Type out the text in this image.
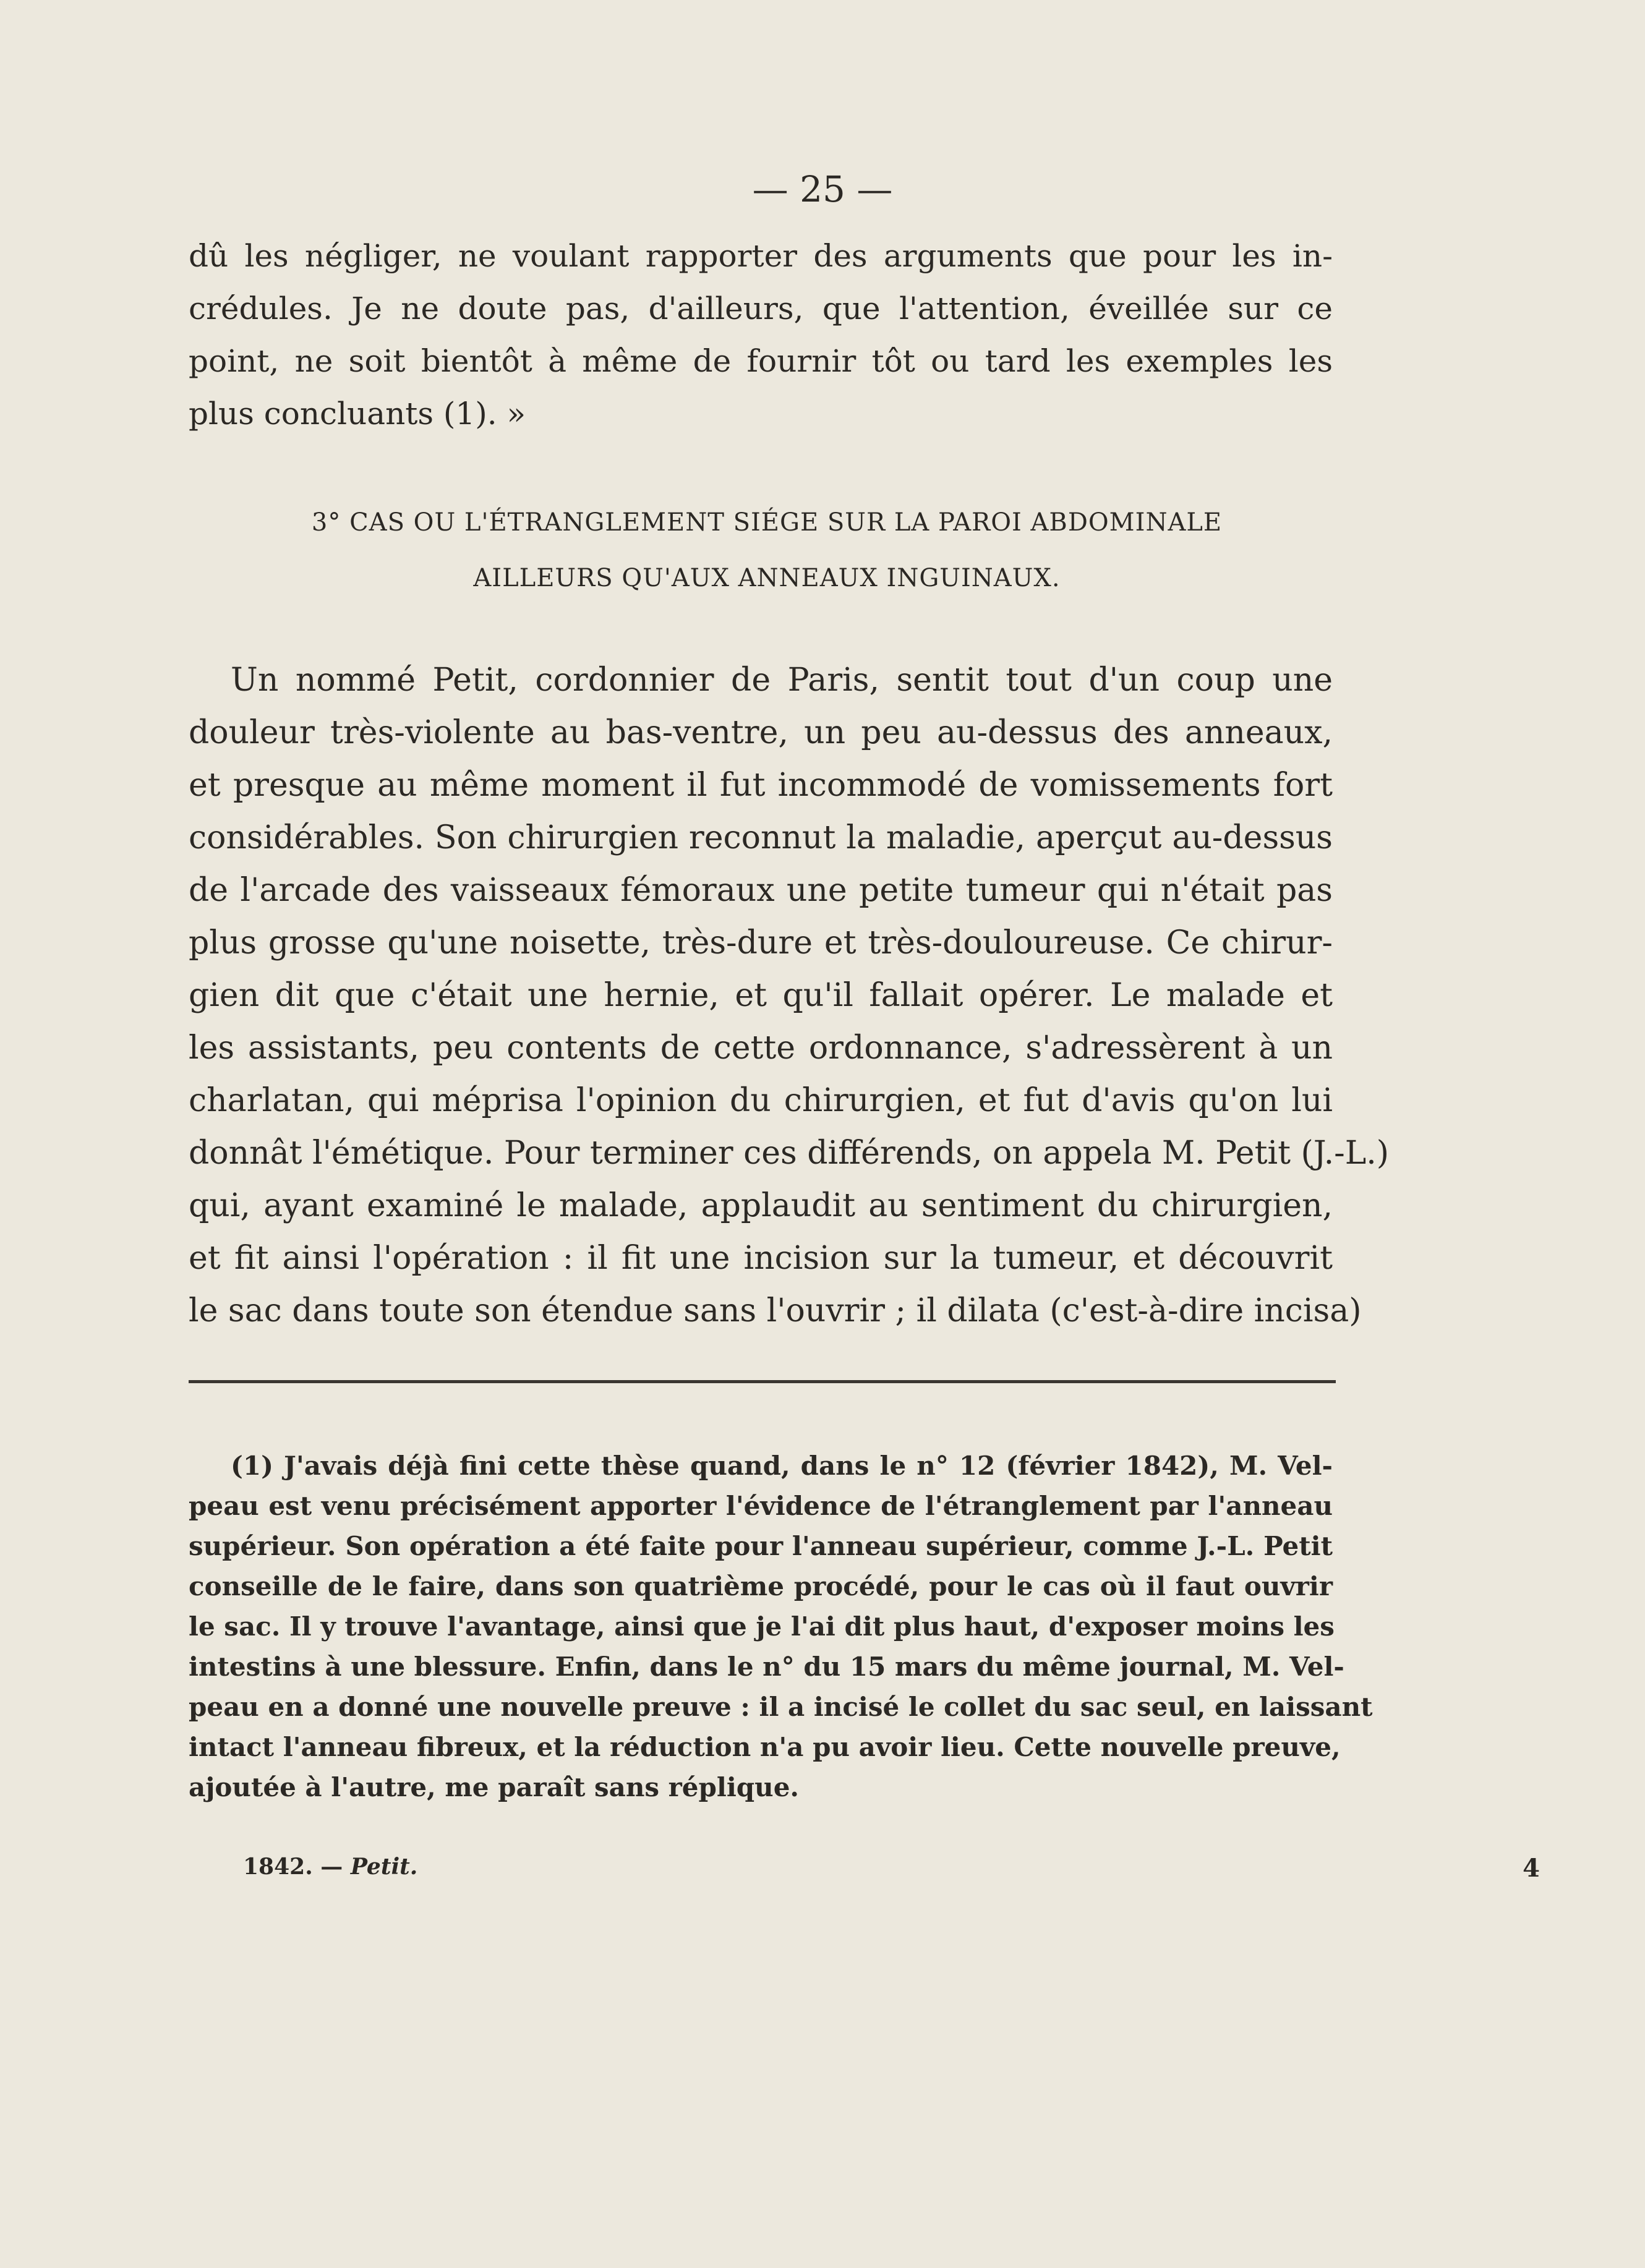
— 25 —
dû les négliger, ne voulant rapporter des arguments que pour les in-
crédules. Je ne doute pas, d'ailleurs, que l'attention, éveillée sur ce
point, ne soit bientôt à même de fournir tôt ou tard les exemples les
plus concluants (1). »
3° CAS OU L'ÉTRANGLEMENT SIÉGE SUR LA PAROI ABDOMINALE
AILLEURS QU'AUX ANNEAUX INGUINAUX.
Un nommé Petit, cordonnier de Paris, sentit tout d'un coup une
douleur très-violente au bas-ventre, un peu au-dessus des anneaux,
et presque au même moment il fut incommodé de vomissements fort
considérables. Son chirurgien reconnut la maladie, aperçut au-dessus
de l'arcade des vaisseaux fémoraux une petite tumeur qui n'était pas
plus grosse qu'une noisette, très-dure et très-douloureuse. Ce chirur-
gien dit que c'était une hernie, et qu'il fallait opérer. Le malade et
les assistants, peu contents de cette ordonnance, s'adressèrent à un
charlatan, qui méprisa l'opinion du chirurgien, et fut d'avis qu'on lui
donnât l'émétique. Pour terminer ces différends, on appela M. Petit (J.-L.)
qui, ayant examiné le malade, applaudit au sentiment du chirurgien,
et fit ainsi l'opération : il fit une incision sur la tumeur, et découvrit
le sac dans toute son étendue sans l'ouvrir ; il dilata (c'est-à-dire incisa)
(1) J'avais déjà fini cette thèse quand, dans le n° 12 (février 1842), M. Vel-
peau est venu précisément apporter l'évidence de l'étranglement par l'anneau
supérieur. Son opération a été faite pour l'anneau supérieur, comme J.-L. Petit
conseille de le faire, dans son quatrième procédé, pour le cas où il faut ouvrir
le sac. Il y trouve l'avantage, ainsi que je l'ai dit plus haut, d'exposer moins les
intestins à une blessure. Enfin, dans le n° du 15 mars du même journal, M. Vel-
peau en a donné une nouvelle preuve : il a incisé le collet du sac seul, en laissant
intact l'anneau fibreux, et la réduction n'a pu avoir lieu. Cette nouvelle preuve,
ajoutée à l'autre, me paraît sans réplique.
1842. — Petit.	4
